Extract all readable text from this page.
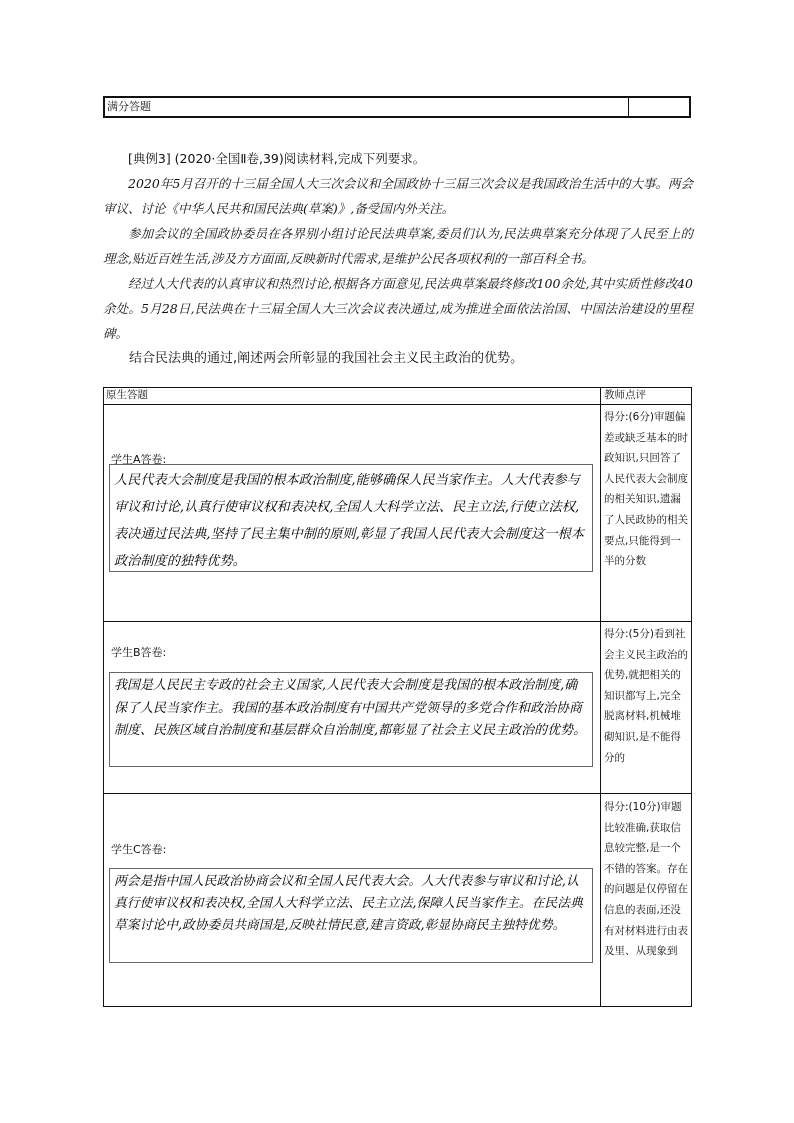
满分答题

[典例3] (2020·全国Ⅱ卷,39)阅读材料,完成下列要求。

2020年5月召开的十三届全国人大三次会议和全国政协十三届三次会议是我国政治生活中的大事。两会审议、讨论《中华人民共和国民法典(草案)》,备受国内外关注。

参加会议的全国政协委员在各界别小组讨论民法典草案,委员们认为,民法典草案充分体现了人民至上的理念,贴近百姓生活,涉及方方面面,反映新时代需求,是维护公民各项权利的一部百科全书。

经过人大代表的认真审议和热烈讨论,根据各方面意见,民法典草案最终修改100余处,其中实质性修改40余处。5月28日,民法典在十三届全国人大三次会议表决通过,成为推进全面依法治国、中国法治建设的里程碑。

结合民法典的通过,阐述两会所彰显的我国社会主义民主政治的优势。

原生答题	教师点评
学生A答卷:

人民代表大会制度是我国的根本政治制度,能够确保人民当家作主。人大代表参与审议和讨论,认真行使审议权和表决权,全国人大科学立法、民主立法,行使立法权,表决通过民法典,坚持了民主集中制的原则,彰显了我国人民代表大会制度这一根本政治制度的独特优势。

得分:(6分)审题偏差或缺乏基本的时政知识,只回答了人民代表大会制度的相关知识,遗漏了人民政协的相关要点,只能得到一半的分数
学生B答卷:

我国是人民民主专政的社会主义国家,人民代表大会制度是我国的根本政治制度,确保了人民当家作主。我国的基本政治制度有中国共产党领导的多党合作和政治协商制度、民族区域自治制度和基层群众自治制度,都彰显了社会主义民主政治的优势。

得分:(5分)看到社会主义民主政治的优势,就把相关的知识都写上,完全脱离材料,机械堆砌知识,是不能得分的
学生C答卷:

两会是指中国人民政治协商会议和全国人民代表大会。人大代表参与审议和讨论,认真行使审议权和表决权,全国人大科学立法、民主立法,保障人民当家作主。在民法典草案讨论中,政协委员共商国是,反映社情民意,建言资政,彰显协商民主独特优势。

得分:(10分)审题比较准确,获取信息较完整,是一个不错的答案。存在的问题是仅停留在信息的表面,还没有对材料进行由表及里、从现象到
